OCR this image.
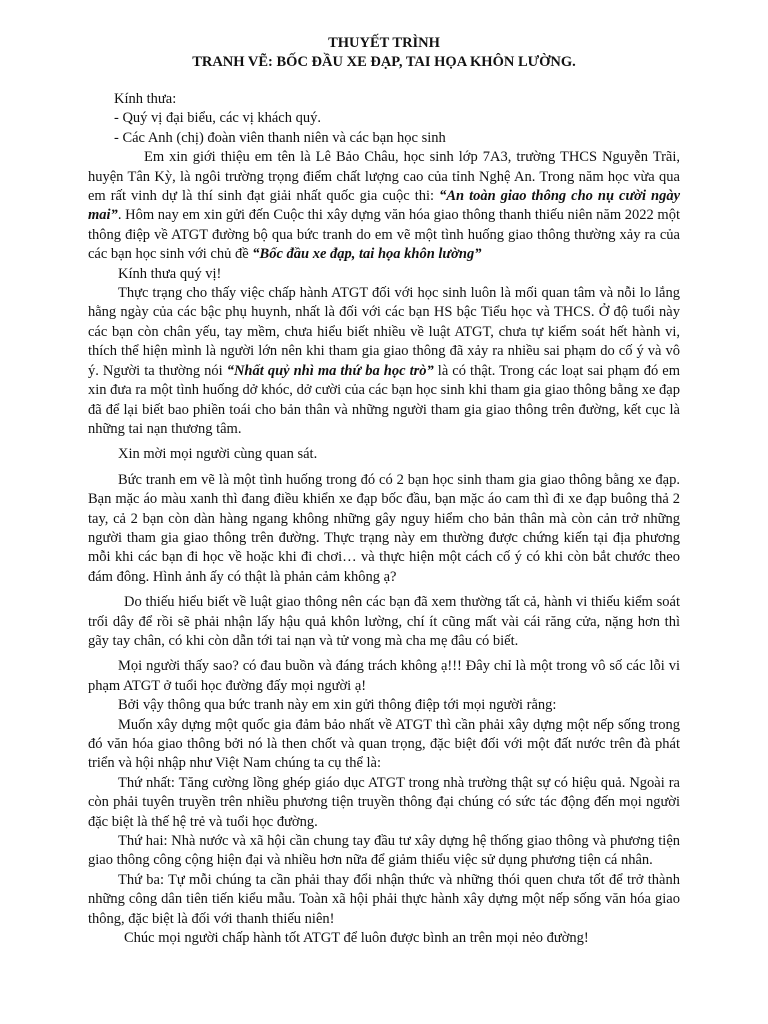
THUYẾT TRÌNH

TRANH VẼ: BỐC ĐẦU XE ĐẠP, TAI HỌA KHÔN LƯỜNG.

Kính thưa:

- Quý vị đại biểu, các vị khách quý.

- Các Anh (chị) đoàn viên thanh niên và các bạn học sinh

Em xin giới thiệu em tên là Lê Bảo Châu, học sinh lớp 7A3, trường THCS Nguyễn Trãi, huyện Tân Kỳ, là ngôi trường trọng điểm chất lượng cao của tỉnh Nghệ An. Trong năm học vừa qua em rất vinh dự là thí sinh đạt giải nhất quốc gia cuộc thi: “An toàn giao thông cho nụ cười ngày mai”. Hôm nay em xin gửi đến Cuộc thi xây dựng văn hóa giao thông thanh thiếu niên năm 2022 một thông điệp về ATGT đường bộ qua bức tranh do em vẽ một tình huống giao thông thường xảy ra của các bạn học sinh với chủ đề “Bốc đầu xe đạp, tai họa khôn lường”

Kính thưa quý vị!

Thực trạng cho thấy việc chấp hành ATGT đối với học sinh luôn là mối quan tâm và nỗi lo lắng hằng ngày của các bậc phụ huynh, nhất là đối với các bạn HS bậc Tiểu học và THCS. Ở độ tuổi này các bạn còn chân yếu, tay mềm, chưa hiểu biết nhiều về luật ATGT, chưa tự kiểm soát hết hành vi, thích thể hiện mình là người lớn nên khi tham gia giao thông đã xảy ra nhiều sai phạm do cố ý và vô ý. Người ta thường nói “Nhất quỷ nhì ma thứ ba học trò” là có thật. Trong các loạt sai phạm đó em xin đưa ra một tình huống dở khóc, dở cười của các bạn học sinh khi tham gia giao thông bằng xe đạp đã để lại biết bao phiền toái cho bản thân và những người tham gia giao thông trên đường, kết cục là những tai nạn thương tâm.

Xin mời mọi người cùng quan sát.

Bức tranh em vẽ là một tình huống trong đó có 2 bạn học sinh tham gia giao thông bằng xe đạp. Bạn mặc áo màu xanh thì đang điều khiển xe đạp bốc đầu, bạn mặc áo cam thì đi xe đạp buông thả 2 tay, cả 2 bạn còn dàn hàng ngang không những gây nguy hiểm cho bản thân mà còn cản trở những người tham gia giao thông trên đường. Thực trạng này em thường được chứng kiến tại địa phương mỗi khi các bạn đi học về hoặc khi đi chơi… và thực hiện một cách cố ý có khi còn bắt chước theo đám đông. Hình ảnh ấy có thật là phản cảm không ạ?

Do thiếu hiểu biết về luật giao thông nên các bạn đã xem thường tất cả, hành vi thiếu kiểm soát trối dây để rồi sẽ phải nhận lấy hậu quả khôn lường, chí ít cũng mất vài cái răng cửa, nặng hơn thì gãy tay chân, có khi còn dẫn tới tai nạn và tử vong mà cha mẹ đâu có biết.

Mọi người thấy sao? có đau buồn và đáng trách không ạ!!! Đây chỉ là một trong vô số các lỗi vi phạm ATGT ở tuổi học đường đấy mọi người ạ!

Bởi vậy thông qua bức tranh này em xin gửi thông điệp tới mọi người rằng:

Muốn xây dựng một quốc gia đảm bảo nhất về ATGT thì cần phải xây dựng một nếp sống trong đó văn hóa giao thông bởi nó là then chốt và quan trọng, đặc biệt đối với một đất nước trên đà phát triển và hội nhập như Việt Nam chúng ta cụ thể là:

Thứ nhất: Tăng cường lồng ghép giáo dục ATGT trong nhà trường thật sự có hiệu quả. Ngoài ra còn phải tuyên truyền trên nhiều phương tiện truyền thông đại chúng có sức tác động đến mọi người đặc biệt là thế hệ trẻ và tuổi học đường.

Thứ hai: Nhà nước và xã hội cần chung tay đầu tư xây dựng hệ thống giao thông và phương tiện giao thông công cộng hiện đại và nhiều hơn nữa để giảm thiểu việc sử dụng phương tiện cá nhân.

Thứ ba: Tự mỗi chúng ta cần phải thay đổi nhận thức và những thói quen chưa tốt để trở thành những công dân tiên tiến kiểu mẫu. Toàn xã hội phải thực hành xây dựng một nếp sống văn hóa giao thông, đặc biệt là đối với thanh thiếu niên!

Chúc mọi người chấp hành tốt ATGT để luôn được bình an trên mọi nẻo đường!
